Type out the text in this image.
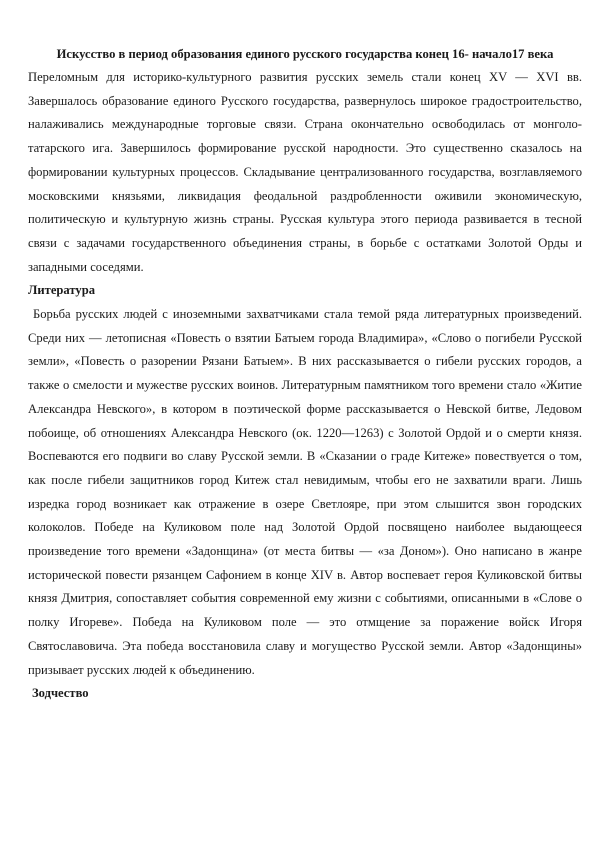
Искусство в период образования единого русского государства конец 16- начало17 века

Переломным для историко-культурного развития русских земель стали конец XV — XVI вв. Завершалось образование единого Русского государства, развернулось широкое градостроительство, налаживались международные торговые связи. Страна окончательно освободилась от монголо-татарского ига. Завершилось формирование русской народности. Это существенно сказалось на формировании культурных процессов. Складывание централизованного государства, возглавляемого московскими князьями, ликвидация феодальной раздробленности оживили экономическую, политическую и культурную жизнь страны. Русская культура этого периода развивается в тесной связи с задачами государственного объединения страны, в борьбе с остатками Золотой Орды и западными соседями.

Литература

Борьба русских людей с иноземными захватчиками стала темой ряда литературных произведений. Среди них — летописная «Повесть о взятии Батыем города Владимира», «Слово о погибели Русской земли», «Повесть о разорении Рязани Батыем». В них рассказывается о гибели русских городов, а также о смелости и мужестве русских воинов. Литературным памятником того времени стало «Житие Александра Невского», в котором в поэтической форме рассказывается о Невской битве, Ледовом побоище, об отношениях Александра Невского (ок. 1220—1263) с Золотой Ордой и о смерти князя. Воспеваются его подвиги во славу Русской земли. В «Сказании о граде Китеже» повествуется о том, как после гибели защитников город Китеж стал невидимым, чтобы его не захватили враги. Лишь изредка город возникает как отражение в озере Светлояре, при этом слышится звон городских колоколов. Победе на Куликовом поле над Золотой Ордой посвящено наиболее выдающееся произведение того времени «Задонщина» (от места битвы — «за Доном»). Оно написано в жанре исторической повести рязанцем Сафонием в конце XIV в. Автор воспевает героя Куликовской битвы князя Дмитрия, сопоставляет события современной ему жизни с событиями, описанными в «Слове о полку Игореве». Победа на Куликовом поле — это отмщение за поражение войск Игоря Святославовича. Эта победа восстановила славу и могущество Русской земли. Автор «Задонщины» призывает русских людей к объединению.

Зодчество
